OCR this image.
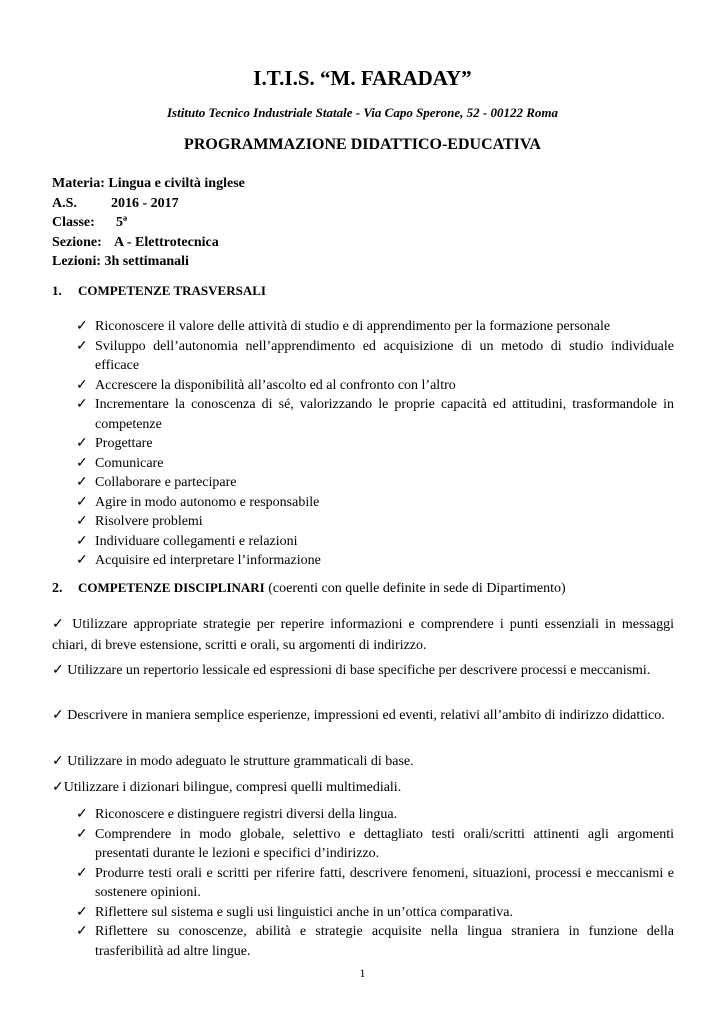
I.T.I.S. “M. FARADAY”
Istituto Tecnico Industriale Statale - Via Capo Sperone, 52 - 00122 Roma
PROGRAMMAZIONE DIDATTICO-EDUCATIVA
Materia: Lingua e civiltà inglese
A.S. 2016 - 2017
Classe: 5ª
Sezione: A - Elettrotecnica
Lezioni: 3h settimanali
1. COMPETENZE TRASVERSALI
✓ Riconoscere il valore delle attività di studio e di apprendimento per la formazione personale
✓ Sviluppo dell’autonomia nell’apprendimento ed acquisizione di un metodo di studio individuale efficace
✓ Accrescere la disponibilità all’ascolto ed al confronto con l’altro
✓ Incrementare la conoscenza di sé, valorizzando le proprie capacità ed attitudini, trasformandole in competenze
✓ Progettare
✓ Comunicare
✓ Collaborare e partecipare
✓ Agire in modo autonomo e responsabile
✓ Risolvere problemi
✓ Individuare collegamenti e relazioni
✓ Acquisire ed interpretare l’informazione
2. COMPETENZE DISCIPLINARI (coerenti con quelle definite in sede di Dipartimento)
✓ Utilizzare appropriate strategie per reperire informazioni e comprendere i punti essenziali in messaggi chiari, di breve estensione, scritti e orali, su argomenti di indirizzo.
✓ Utilizzare un repertorio lessicale ed espressioni di base specifiche per descrivere processi e meccanismi.
✓ Descrivere in maniera semplice esperienze, impressioni ed eventi, relativi all’ambito di indirizzo didattico.
✓ Utilizzare in modo adeguato le strutture grammaticali di base.
✓Utilizzare i dizionari bilingue, compresi quelli multimediali.
✓ Riconoscere e distinguere registri diversi della lingua.
✓ Comprendere in modo globale, selettivo e dettagliato testi orali/scritti attinenti agli argomenti presentati durante le lezioni e specifici d’indirizzo.
✓ Produrre testi orali e scritti per riferire fatti, descrivere fenomeni, situazioni, processi e meccanismi e sostenere opinioni.
✓ Riflettere sul sistema e sugli usi linguistici anche in un’ottica comparativa.
✓ Riflettere su conoscenze, abilità e strategie acquisite nella lingua straniera in funzione della trasferibilità ad altre lingue.
1
